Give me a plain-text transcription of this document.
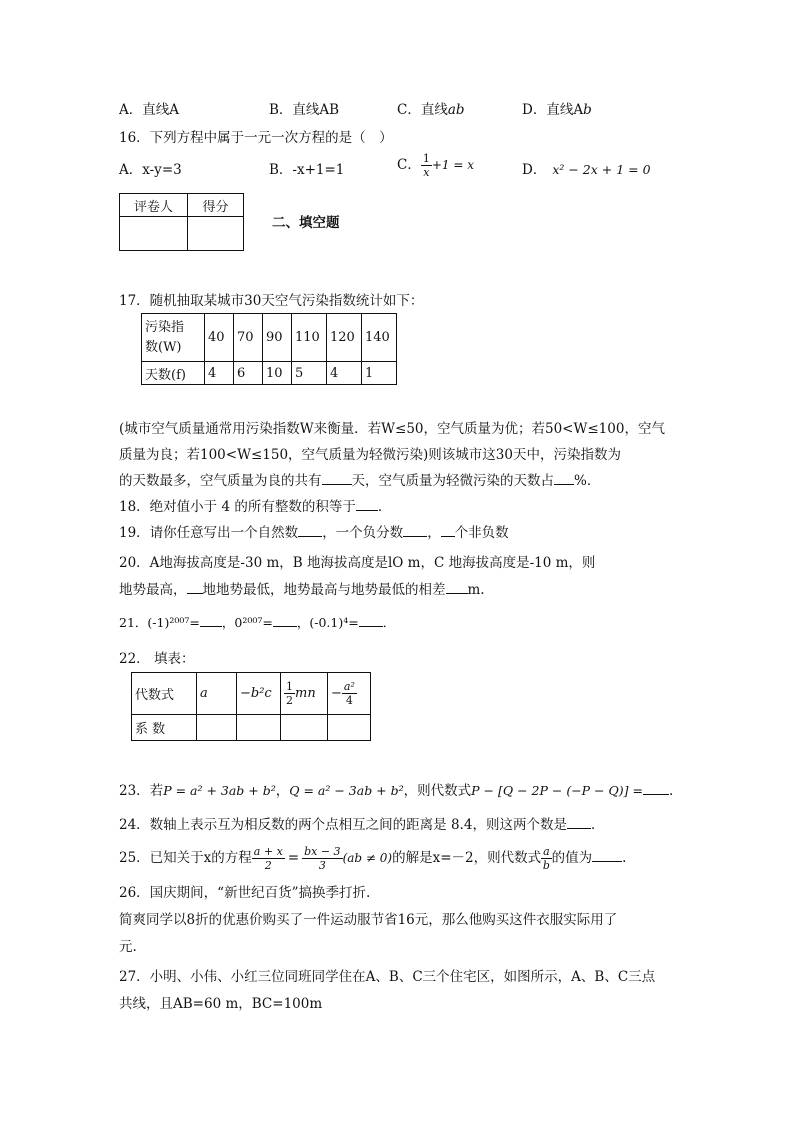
A．直线A	B．直线AB	C．直线ab	D．直线Ab
16．下列方程中属于一元一次方程的是（　）
A．x-y=3	B．-x+1=1	C． $\frac{1}{x} +1 = x$	D． x² − 2x + 1 = 0
评卷人	得分

二、填空题
17．随机抽取某城市30天空气污染指数统计如下：
污染指
数(W)	40	70	90	110	120	140
天数(f)	4	6	10	5	4	1
(城市空气质量通常用污染指数W来衡量．若W≤50，空气质量为优；若50<W≤100，空气
质量为良；若100<W≤150，空气质量为轻微污染)则该城市这30天中，污染指数为
的天数最多，空气质量为良的共有 天，空气质量为轻微污染的天数占 %．
18．绝对值小于 4 的所有整数的积等于 ．
19．请你任意写出一个自然数 ，一个负分数 ， 个非负数
20．A地海拔高度是-30 m，B 地海拔高度是lO m，C 地海拔高度是-10 m，则
地势最高， 地地势最低，地势最高与地势最低的相差 m.
21．(-1)²⁰⁰⁷= ，0²⁰⁰⁷= ，(-0.1)⁴= ．
22． 填表：
代数式	a	−b²c	$\frac{1}{2}$ mn	− $\frac{\text{a²}}{4}$

系 数				
23．若P = a² + 3ab + b²，Q = a² − 3ab + b²，则代数式P − [Q − 2P − (−P − Q)] = .
24．数轴上表示互为相反数的两个点相互之间的距离是 8.4，则这两个数是 ．
25．已知关于x的方程 $\frac{a + x}{2} = \frac{bx - 3}{3} (ab \ne 0)$的解是x=－2，则代数式 $\frac{a}{b}$ 的值为 .
26．国庆期间，“新世纪百货”搞换季打折.
简爽同学以8折的优惠价购买了一件运动服节省16元，那么他购买这件衣服实际用了
元.
27．小明、小伟、小红三位同班同学住在A、B、C三个住宅区，如图所示，A、B、C三点
共线，且AB=60 m，BC=100m
